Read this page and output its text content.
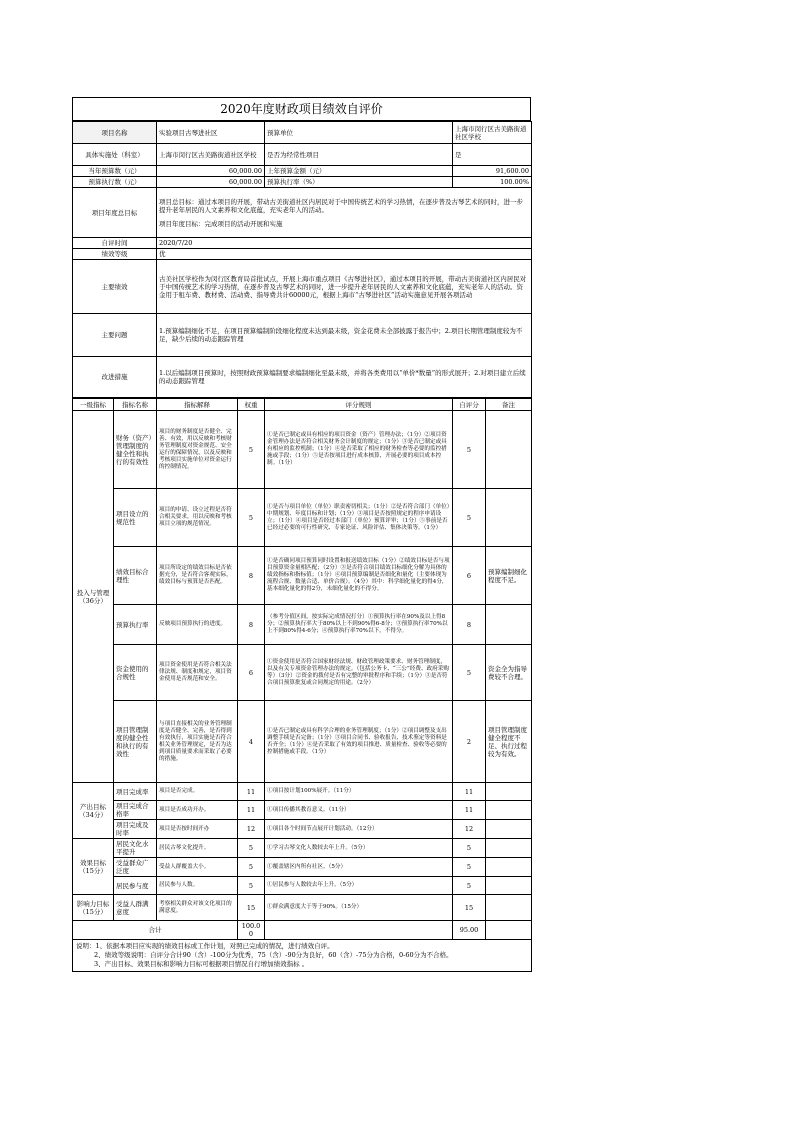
2020年度财政项目绩效自评价
项目名称	实验项目古琴进社区	预算单位	上海市闵行区古美路街道社区学校
具体实施处（科室）	上海市闵行区古美路街道社区学校	是否为经常性项目	是
当年预算数（元）	60,000.00	上年预算金额（元）	91,600.00
预算执行数（元）	60,000.00	预算执行率（%）	100.00%
项目年度总目标	项目总目标：通过本项目的开展，带动古美街道社区内居民对于中国传统艺术的学习热情，在逐步普及古琴艺术的同时，进一步提升老年居民的人文素养和文化底蕴，充实老年人的活动。
项目年度目标：完成项目的活动开展和实施		

自评时间	2020/7/20		
绩效等级	优		
主要绩效	古美社区学校作为闵行区教育局首批试点，开展上海市重点项目《古琴进社区》，通过本项目的开展，带动古美街道社区内居民对于中国传统艺术的学习热情，在逐步普及古琴艺术的同时，进一步提升老年居民的人文素养和文化底蕴，充实老年人的活动。资金用于租车费、教材费、活动费、指导费共计60000元，根据上海市“古琴进社区”活动实施意见开展各项活动		
主要问题	1.预算编制细化不足，在项目预算编制阶段细化程度未达到最末级，资金花费未全部披露于报告中；2.项目长期管理制度较为不足，缺少后续的动态跟踪管理		
改进措施	1.以后编制项目预算时，按照财政预算编制要求编制细化至最末级，并将各类费用以“单价*数量”的形式展开；2.对项目建立后续的动态跟踪管理		
一级指标	指标名称	指标解释	权重	评分规则	自评分	备注
投入与管理（36分）	财务（资产）管理制度的健全性和执行的有效性	项目的财务制度是否健全、完善、有效，用以反映和考核财务管理制度对资金规范、安全运行的保障情况，以及反映和考核项目实施单位对资金运行的控制情况。	5	①是否已制定或具有相应的项目资金（资产）管理办法；（1分）②项目资金管理办法是否符合相关财务会计制度的规定；（1分）③是否已制定或具有相应的监控机制；（1分）④是否采取了相应的财务检查等必要的监控措施或手段；（1分）⑤是否按项目进行成本核算，开展必要的项目成本控制。（1分）	5	
	项目设立的规范性	项目的申请、设立过程是否符合相关要求，用以反映和考核项目立项的规范情况。	5	①是否与项目单位（单位）职责密切相关；（1分）②是否符合部门（单位）中期规划、年度目标和计划；（1分）③项目是否按照规定的程序申请设立；（1分）④项目是否经过本部门（单位）预算评审；（1分）⑤事前是否已经过必要的可行性研究、专家论证、风险评估、集体决策等。（1分）	5	
	绩效目标合理性	项目所设定的绩效目标是否依据充分，是否符合客观实际，绩效目标与预算是否匹配。	8	①是否确同项目预算同时设置和报送绩效目标（1分）②绩效目标是否与项目预算资金量相匹配；（2分）③是否符合项目绩效目标细化分解为具体的绩效指标和指标值；（1分）④项目预算编制是否细化和量化（主要体现为流程合规、数量合适、单价合规）。（4分）其中：科学细化量化的得4分，基本细化量化的得2分，未细化量化的不得分。	6	预算编制细化程度不足。
	预算执行率	反映项目预算执行的进度。	8	（参考分值区间，按实际完成情况打分）①预算执行率在90%及以上得8分；②预算执行率大于80%以上不到90%得6-8分；③预算执行率70%以上不到80%得4-6分；④预算执行率70%以下，不得分。	8	
	资金使用的合规性	项目资金使用是否符合相关法律法规、制度和规定，项目资金使用是否规范和安全。	6	①资金使用是否符合国家财经法规、财政管理政策要求、财务管理制度，以及有关专项资金管理办法的规定。（包括公务卡、“三公”经费、政府采购等）（3分）②资金的拨付是否有完整的审批程序和手续；（1分）③是否符合项目预算批复或合同规定的用途。（2分）	5	资金全为指导费较不合理。
	项目管理制度的健全性和执行的有效性	与项目直接相关的业务管理制度是否健全、完善，是否得到有效执行，项目实施是否符合相关业务管理规定，是否为达到项目质量要求而采取了必要的措施。	4	①是否已制定或具有科学合理的业务管理制度；（1分）②项目调整及支出调整手续是否完备；（1分）③项目合同书、验收报告、技术鉴定等资料是否齐全；（1分）④是否采取了有效的项目推进、质量检查、验收等必要的控制措施或手段。（1分）	2	项目管理制度健全程度不足、执行过程较为有效。
产出目标（34分）	项目完成率	项目是否完成。	11	①项目按计划100%展开。（11分）	11	
	项目完成合格率	项目是否成功开办。	11	①项目传播其教育意义。（11分）	11	
	项目完成及时率	项目是否按时间开办	12	①项目各个时间节点展开计划活动。（12分）	12	
效果目标（15分）	居民文化水平提升	居民古琴文化提升。	5	①学习古琴文化人数较去年上升。（5分）	5	
	受益群众广泛度	受益人群覆盖大小。	5	①覆盖辖区内所有社区。（5分）	5	
	居民参与度	居民参与人数。	5	①居民参与人数较去年上升。（5分）	5	
影响力目标（15分）	受益人群满意度	考察相关群众对该文化项目的满意度。	15	①群众满意度大于等于90%。（15分）	15	
合计			100.00		95.00	

说明：1、依据本项目应实现的绩效目标或工作计划，对照已完成的情况，进行绩效自评。
2、绩效等级说明：自评分合计90（含）-100分为优秀，75（含）-90分为良好，60（含）-75分为合格，0-60分为不合格。
3、产出目标、效果目标和影响力目标可根据项目情况自行增加绩效指标 。						
